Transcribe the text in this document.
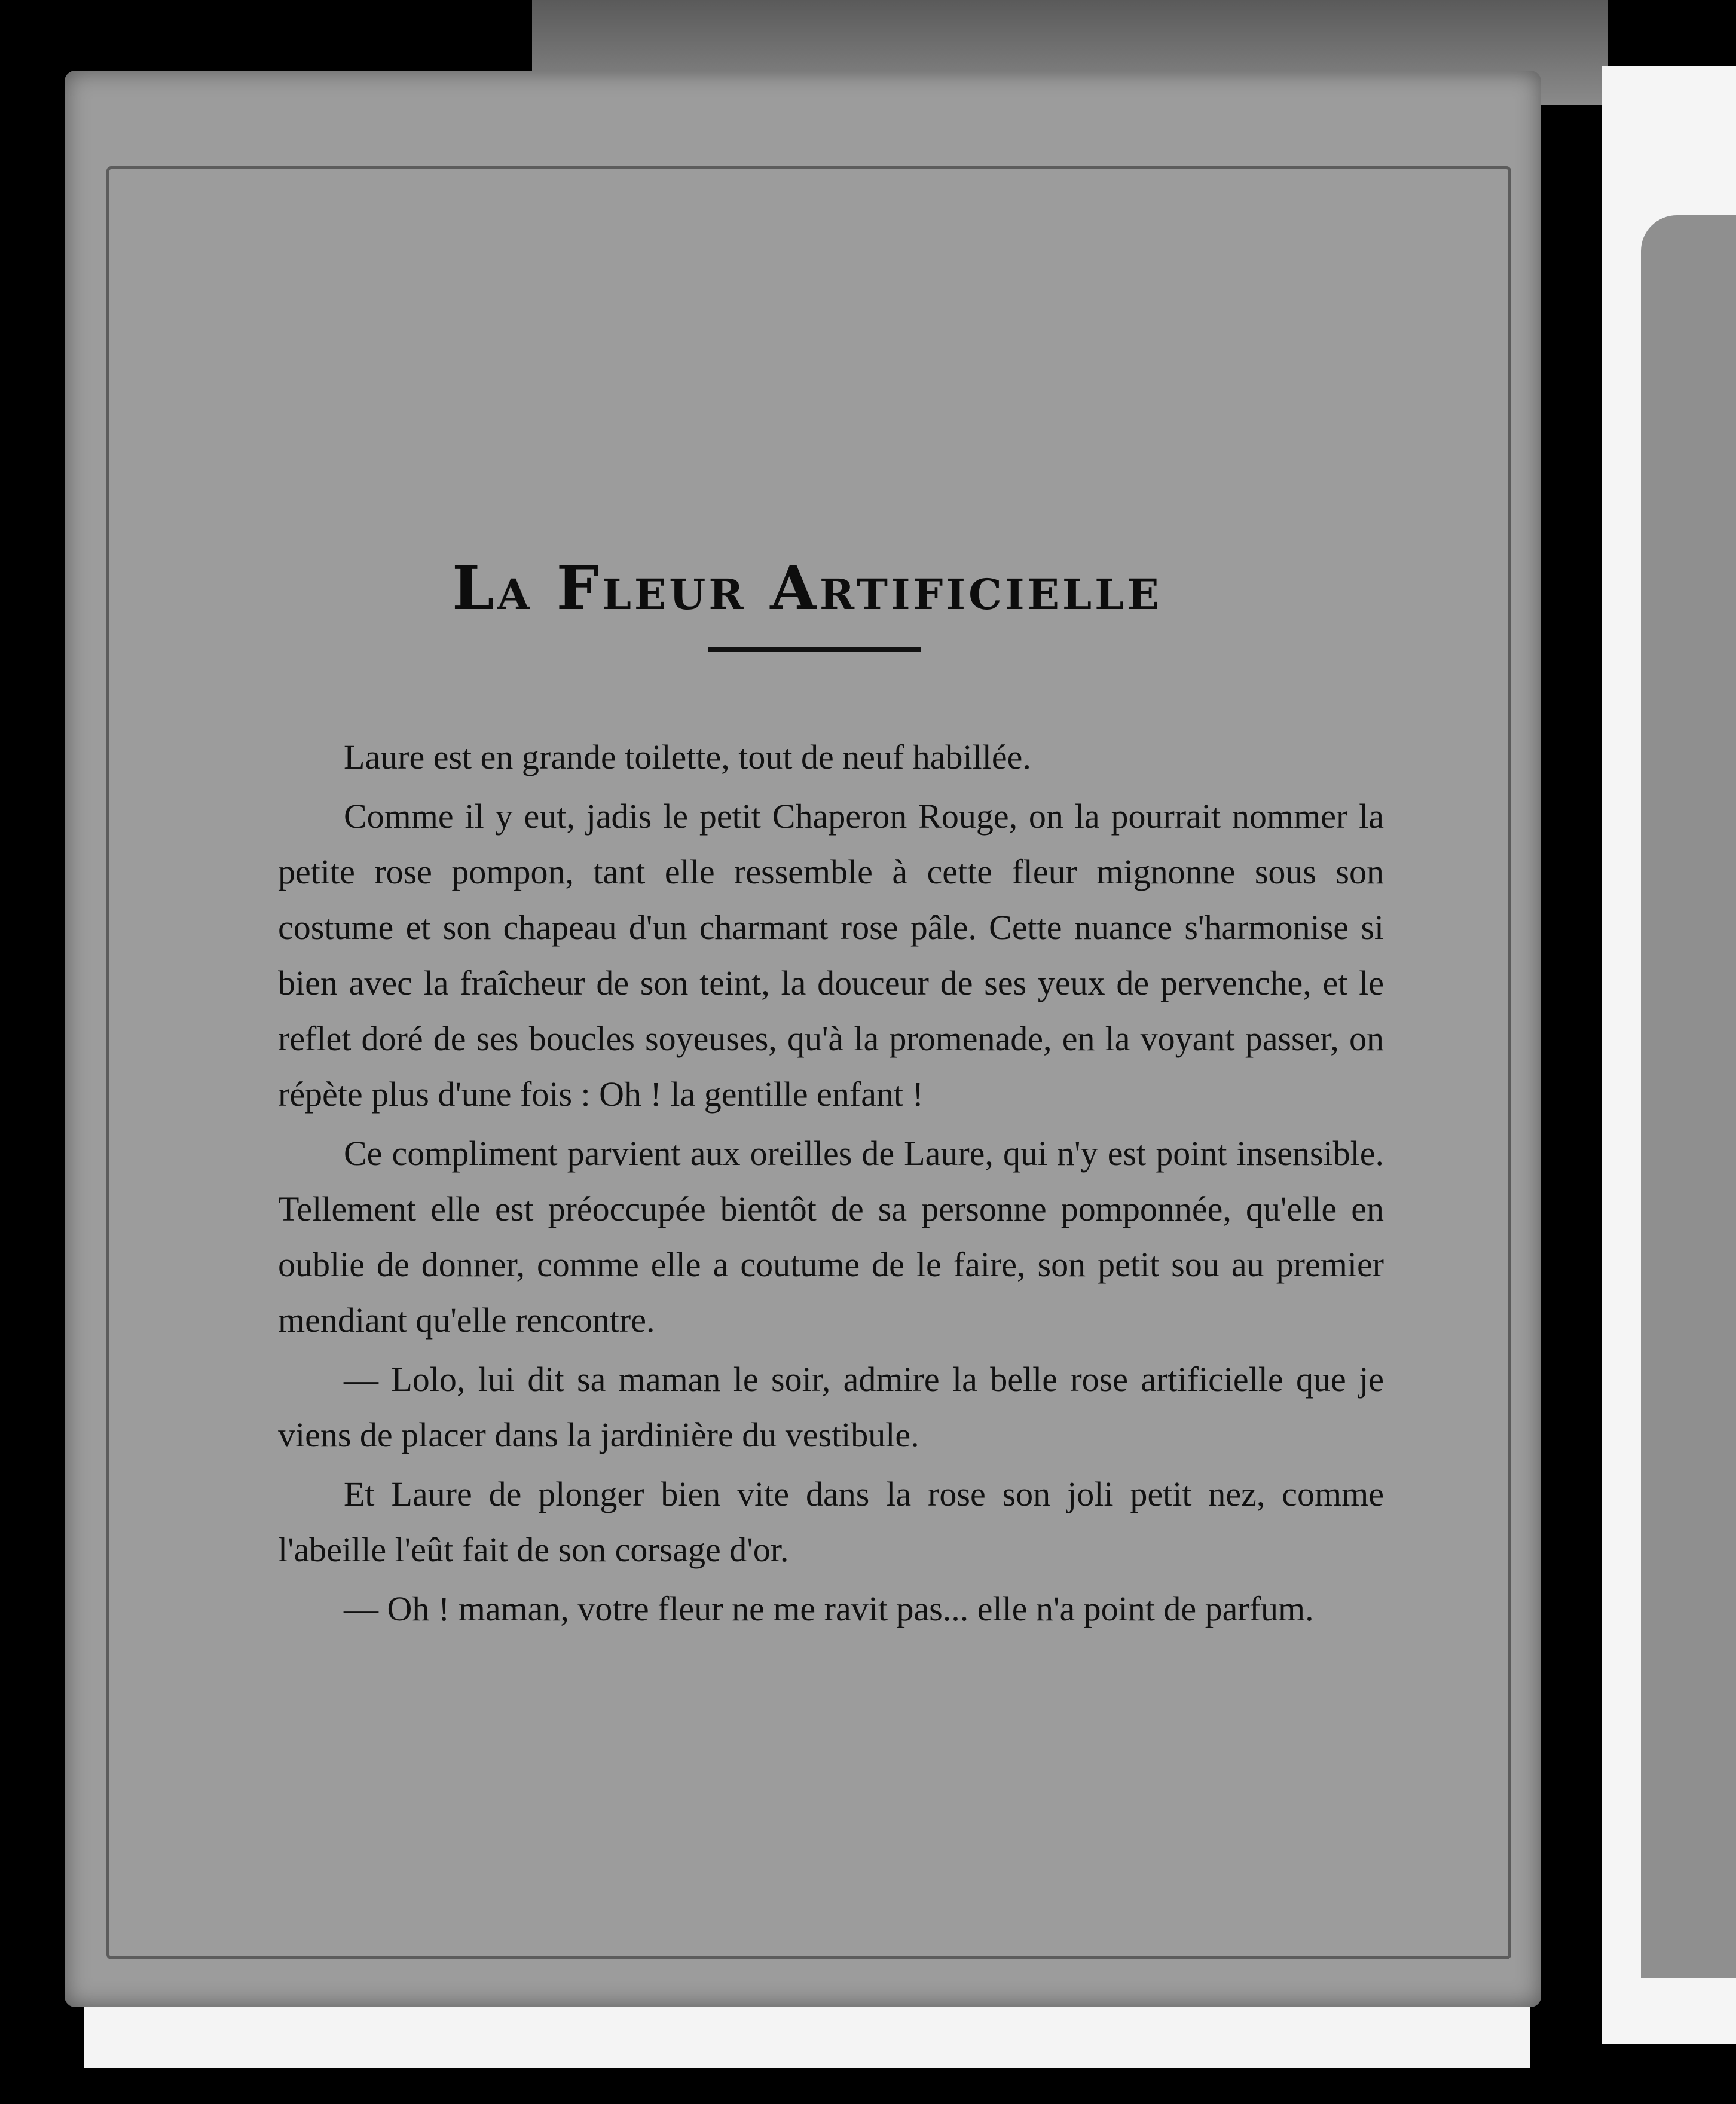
La Fleur Artificielle

Laure est en grande toilette, tout de neuf habillée.

Comme il y eut, jadis le petit Chaperon Rouge, on la pourrait nommer la petite rose pompon, tant elle ressemble à cette fleur mignonne sous son costume et son chapeau d'un charmant rose pâle. Cette nuance s'harmonise si bien avec la fraîcheur de son teint, la douceur de ses yeux de pervenche, et le reflet doré de ses boucles soyeuses, qu'à la promenade, en la voyant passer, on répète plus d'une fois : Oh ! la gentille enfant !

Ce compliment parvient aux oreilles de Laure, qui n'y est point insensible. Tellement elle est préoccupée bientôt de sa personne pomponnée, qu'elle en oublie de donner, comme elle a coutume de le faire, son petit sou au premier mendiant qu'elle rencontre.

— Lolo, lui dit sa maman le soir, admire la belle rose artificielle que je viens de placer dans la jardinière du vestibule.

Et Laure de plonger bien vite dans la rose son joli petit nez, comme l'abeille l'eût fait de son corsage d'or.

— Oh ! maman, votre fleur ne me ravit pas... elle n'a point de parfum.
